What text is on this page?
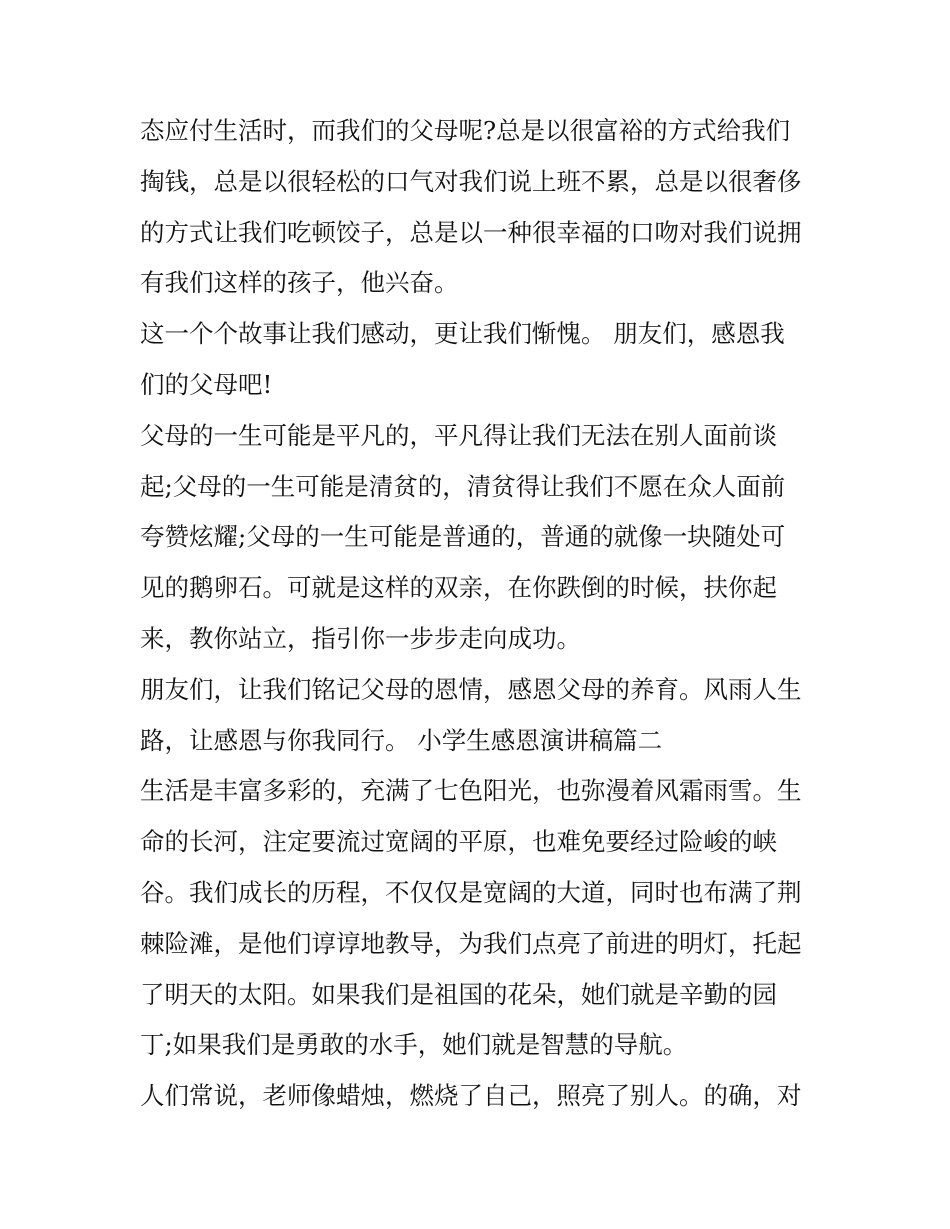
态应付生活时，而我们的父母呢?总是以很富裕的方式给我们
掏钱，总是以很轻松的口气对我们说上班不累，总是以很奢侈
的方式让我们吃顿饺子，总是以一种很幸福的口吻对我们说拥
有我们这样的孩子，他兴奋。
这一个个故事让我们感动，更让我们惭愧。 朋友们，感恩我
们的父母吧!
父母的一生可能是平凡的，平凡得让我们无法在别人面前谈
起;父母的一生可能是清贫的，清贫得让我们不愿在众人面前
夸赞炫耀;父母的一生可能是普通的，普通的就像一块随处可
见的鹅卵石。可就是这样的双亲，在你跌倒的时候，扶你起
来，教你站立，指引你一步步走向成功。
朋友们，让我们铭记父母的恩情，感恩父母的养育。风雨人生
路，让感恩与你我同行。 小学生感恩演讲稿篇二
生活是丰富多彩的，充满了七色阳光，也弥漫着风霜雨雪。生
命的长河，注定要流过宽阔的平原，也难免要经过险峻的峡
谷。我们成长的历程，不仅仅是宽阔的大道，同时也布满了荆
棘险滩，是他们谆谆地教导，为我们点亮了前进的明灯，托起
了明天的太阳。如果我们是祖国的花朵，她们就是辛勤的园
丁;如果我们是勇敢的水手，她们就是智慧的导航。
人们常说，老师像蜡烛，燃烧了自己，照亮了别人。的确，对
